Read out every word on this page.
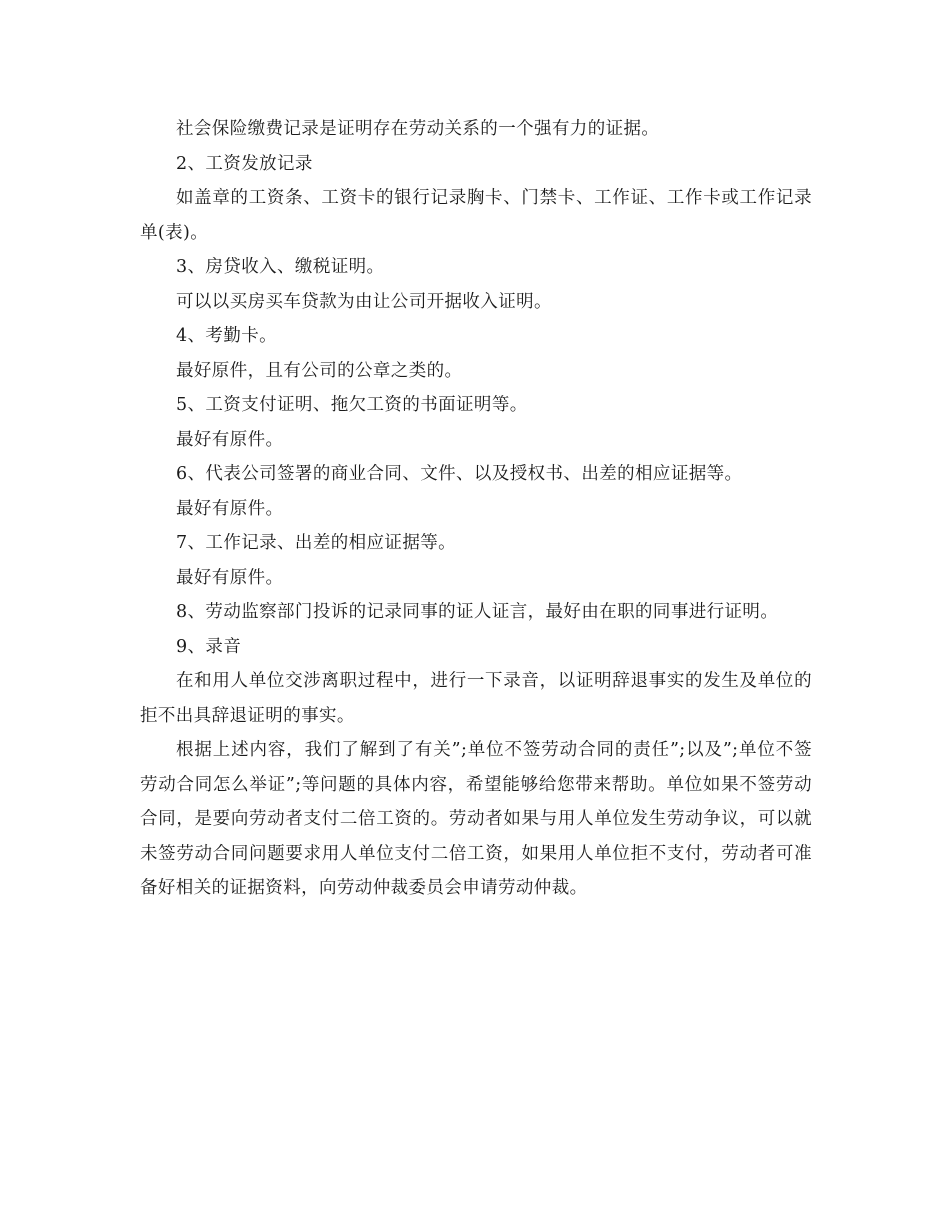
社会保险缴费记录是证明存在劳动关系的一个强有力的证据。

2、工资发放记录

如盖章的工资条、工资卡的银行记录胸卡、门禁卡、工作证、工作卡或工作记录单(表)。

3、房贷收入、缴税证明。

可以以买房买车贷款为由让公司开据收入证明。

4、考勤卡。

最好原件，且有公司的公章之类的。

5、工资支付证明、拖欠工资的书面证明等。

最好有原件。

6、代表公司签署的商业合同、文件、以及授权书、出差的相应证据等。

最好有原件。

7、工作记录、出差的相应证据等。

最好有原件。

8、劳动监察部门投诉的记录同事的证人证言，最好由在职的同事进行证明。

9、录音

在和用人单位交涉离职过程中，进行一下录音，以证明辞退事实的发生及单位的拒不出具辞退证明的事实。

根据上述内容，我们了解到了有关”;单位不签劳动合同的责任”;以及”;单位不签劳动合同怎么举证”;等问题的具体内容，希望能够给您带来帮助。单位如果不签劳动合同，是要向劳动者支付二倍工资的。劳动者如果与用人单位发生劳动争议，可以就未签劳动合同问题要求用人单位支付二倍工资，如果用人单位拒不支付，劳动者可准备好相关的证据资料，向劳动仲裁委员会申请劳动仲裁。
